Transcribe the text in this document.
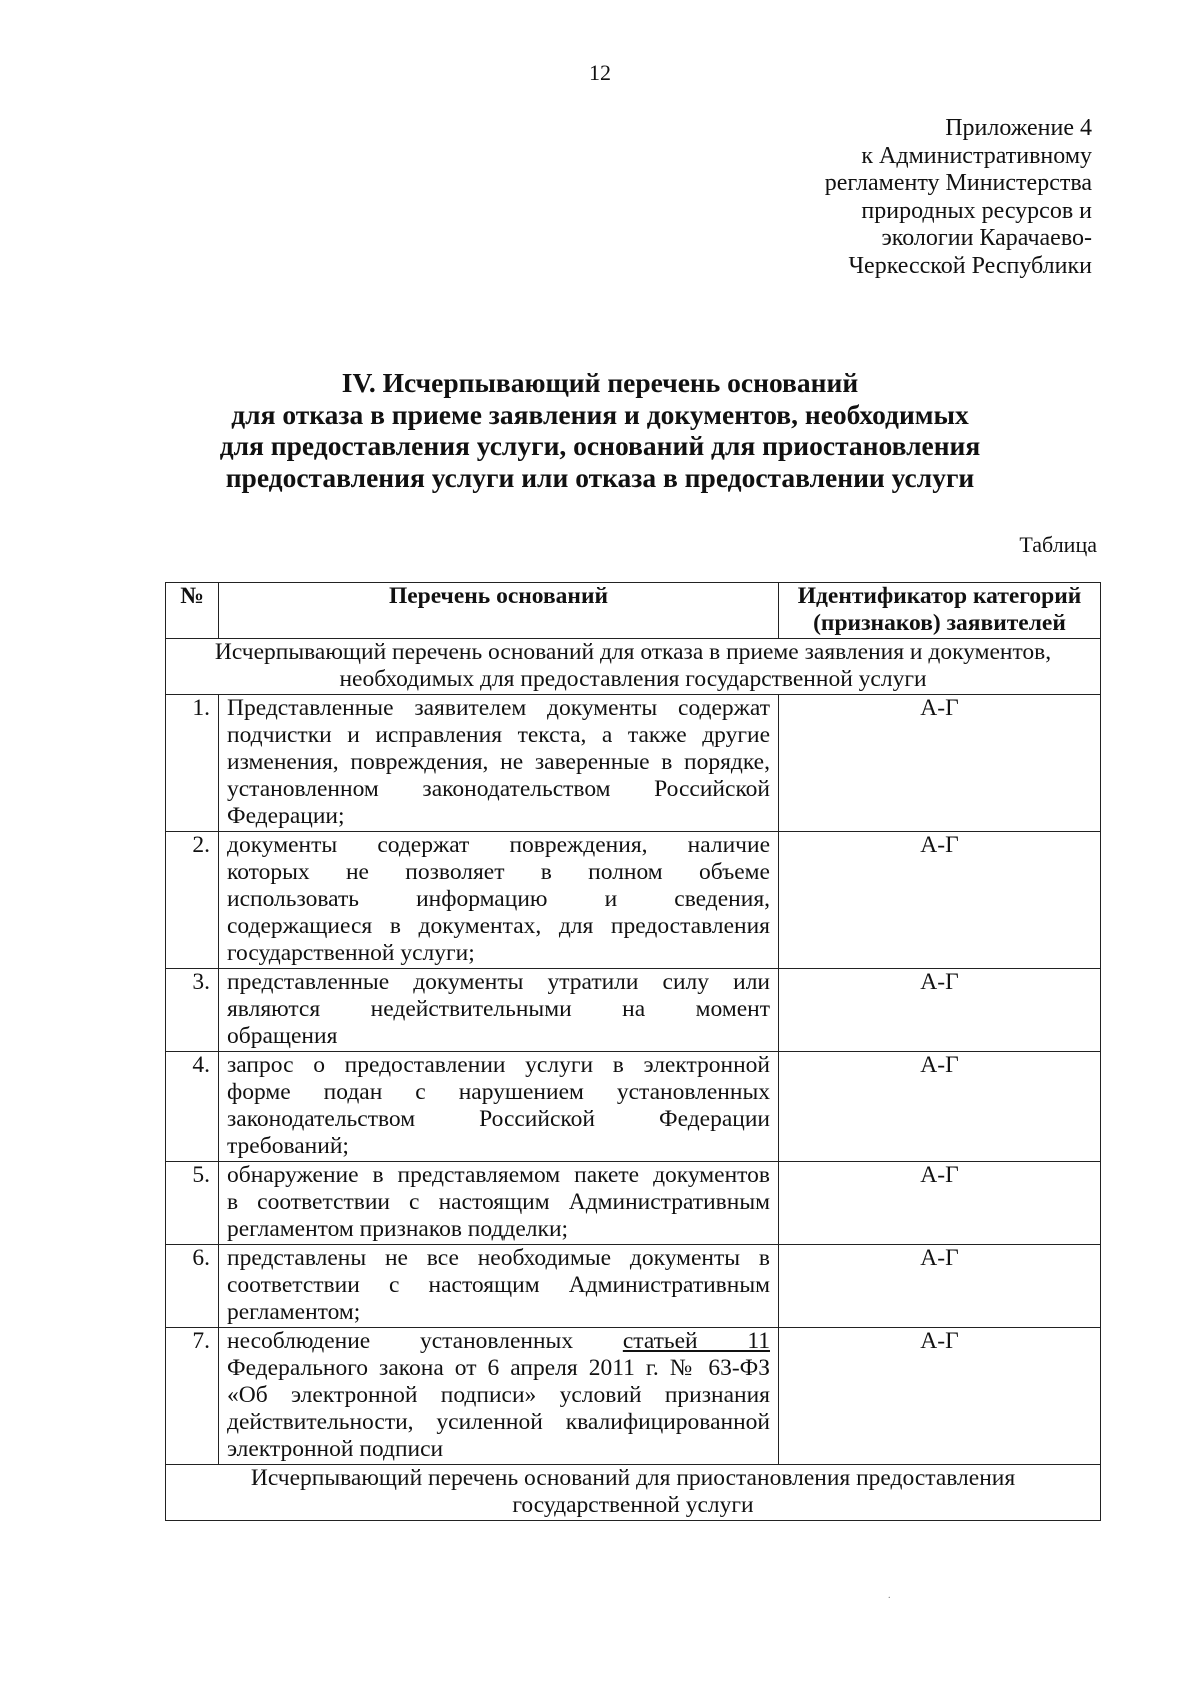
12
Приложение 4
к Административному
регламенту Министерства
природных ресурсов и
экологии Карачаево-
Черкесской Республики
IV. Исчерпывающий перечень оснований
для отказа в приеме заявления и документов, необходимых
для предоставления услуги, оснований для приостановления
предоставления услуги или отказа в предоставлении услуги
Таблица
№	Перечень оснований	Идентификатор категорий (признаков) заявителей
Исчерпывающий перечень оснований для отказа в приеме заявления и документов, необходимых для предоставления государственной услуги		
1.	Представленные заявителем документы содержат
подчистки и исправления текста, а также другие
изменения, повреждения, не заверенные в порядке,
установленном законодательством Российской
Федерации;	А-Г
2.	документы содержат повреждения, наличие
которых не позволяет в полном объеме
использовать информацию и сведения,
содержащиеся в документах, для предоставления
государственной услуги;	А-Г
3.	представленные документы утратили силу или
являются недействительными на момент
обращения	А-Г
4.	запрос о предоставлении услуги в электронной
форме подан с нарушением установленных
законодательством Российской Федерации
требований;	А-Г
5.	обнаружение в представляемом пакете документов
в соответствии с настоящим Административным
регламентом признаков подделки;	А-Г
6.	представлены не все необходимые документы в
соответствии с настоящим Административным
регламентом;	А-Г
7.	несоблюдение установленных статьей 11
Федерального закона от 6 апреля 2011 г. № 63-ФЗ
«Об электронной подписи» условий признания
действительности, усиленной квалифицированной
электронной подписи	А-Г
Исчерпывающий перечень оснований для приостановления предоставления государственной услуги		
.
